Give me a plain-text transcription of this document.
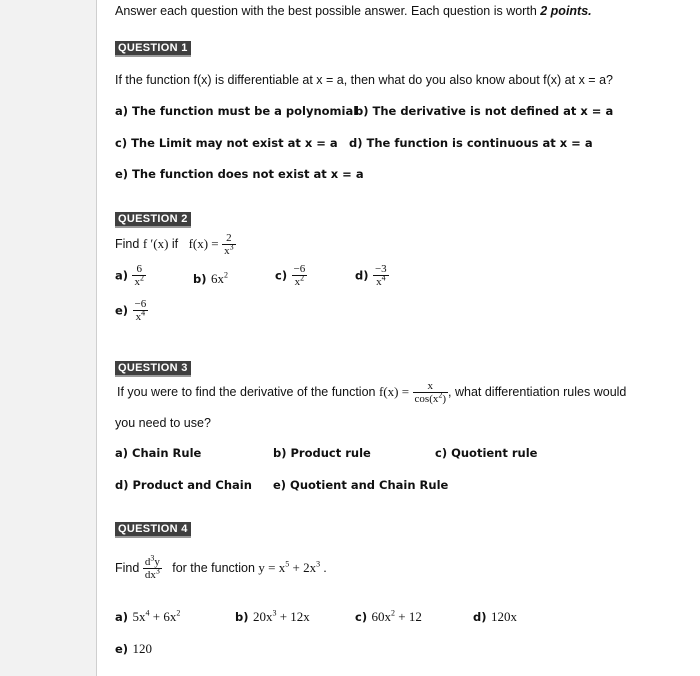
Answer each question with the best possible answer. Each question is worth 2 points.
QUESTION 1
If the function f(x) is differentiable at x = a, then what do you also know about f(x) at x = a?
a) The function must be a polynomial
b) The derivative is not defined at x = a
c) The Limit may not exist at x = a d) The function is continuous at x = a
e) The function does not exist at x = a
QUESTION 2
Find f ′(x) if $f(x) = \frac{2}{x^3}$
$a) \frac{6}{x^2}$	b) $6x^2$	$c) \frac{-6}{x^2}$	$d) \frac{-3}{x^4}$
$e) \frac{-6}{x^4}$
QUESTION 3
If you were to find the derivative of the function $f(x) = \frac{x}{\cos(x^2)}$ , what differentiation rules would
you need to use?
a) Chain Rule	b) Product rule	c) Quotient rule
d) Product and Chain e) Quotient and Chain Rule
QUESTION 4
Find $\frac{d^3y}{dx^3}$ for the function $y = x^5 + 2x^3$ .
a) $5x^4 + 6x^2$	b) $20x^3 + 12x$	c) $60x^2 + 12$	d) 120x
e) 120
